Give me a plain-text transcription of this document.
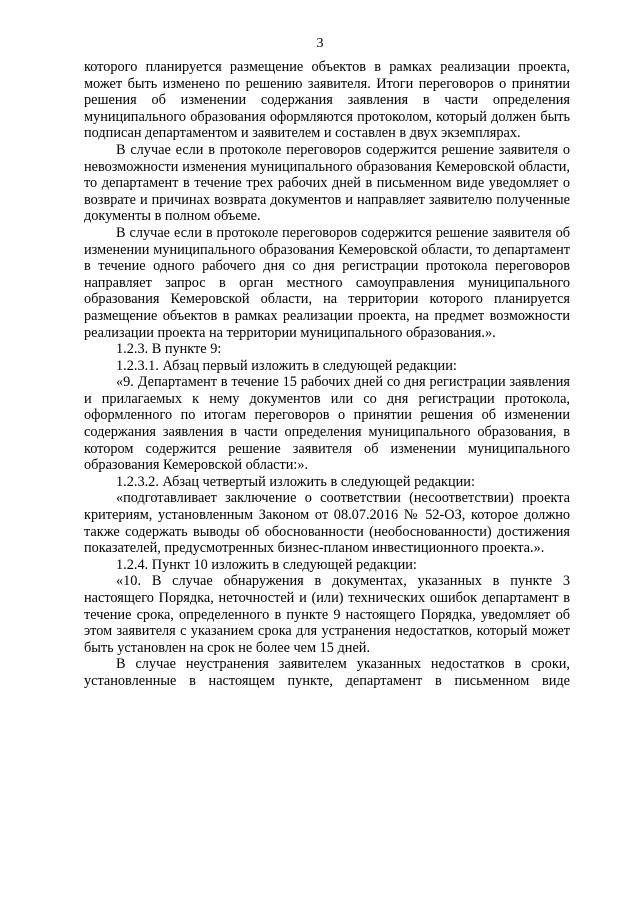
3

которого планируется размещение объектов в рамках реализации проекта, может быть изменено по решению заявителя. Итоги переговоров о принятии решения об изменении содержания заявления в части определения муниципального образования оформляются протоколом, который должен быть подписан департаментом и заявителем и составлен в двух экземплярах.

В случае если в протоколе переговоров содержится решение заявителя о невозможности изменения муниципального образования Кемеровской области, то департамент в течение трех рабочих дней в письменном виде уведомляет о возврате и причинах возврата документов и направляет заявителю полученные документы в полном объеме.

В случае если в протоколе переговоров содержится решение заявителя об изменении муниципального образования Кемеровской области, то департамент в течение одного рабочего дня со дня регистрации протокола переговоров направляет запрос в орган местного самоуправления муниципального образования Кемеровской области, на территории которого планируется размещение объектов в рамках реализации проекта, на предмет возможности реализации проекта на территории муниципального образования.».

1.2.3. В пункте 9:

1.2.3.1. Абзац первый изложить в следующей редакции:

«9. Департамент в течение 15 рабочих дней со дня регистрации заявления и прилагаемых к нему документов или со дня регистрации протокола, оформленного по итогам переговоров о принятии решения об изменении содержания заявления в части определения муниципального образования, в котором содержится решение заявителя об изменении муниципального образования Кемеровской области:».

1.2.3.2. Абзац четвертый изложить в следующей редакции:

«подготавливает заключение о соответствии (несоответствии) проекта критериям, установленным Законом от 08.07.2016 № 52-ОЗ, которое должно также содержать выводы об обоснованности (необоснованности) достижения показателей, предусмотренных бизнес-планом инвестиционного проекта.».

1.2.4. Пункт 10 изложить в следующей редакции:

«10. В случае обнаружения в документах, указанных в пункте 3 настоящего Порядка, неточностей и (или) технических ошибок департамент в течение срока, определенного в пункте 9 настоящего Порядка, уведомляет об этом заявителя с указанием срока для устранения недостатков, который может быть установлен на срок не более чем 15 дней.

В случае неустранения заявителем указанных недостатков в сроки, установленные в настоящем пункте, департамент в письменном виде
